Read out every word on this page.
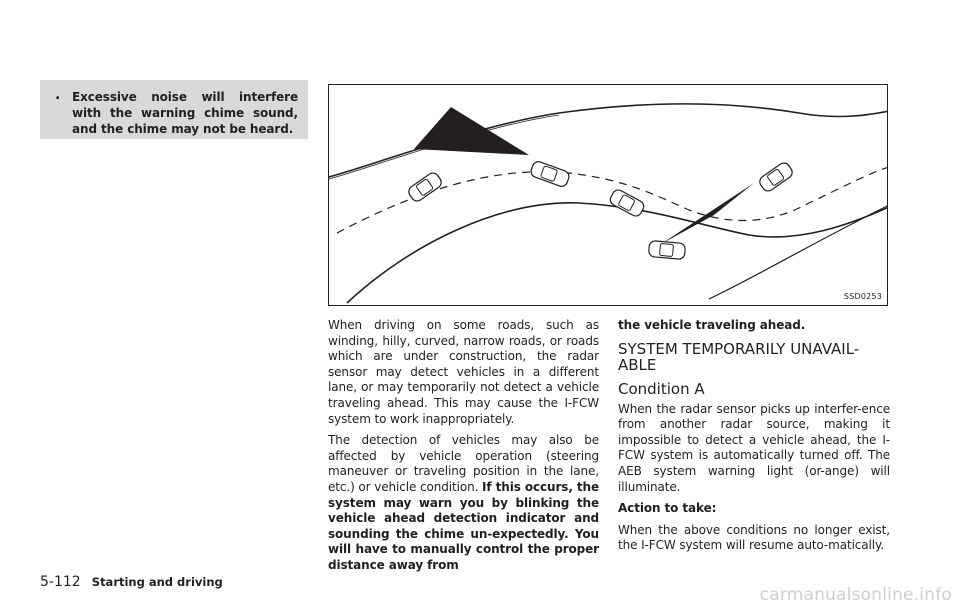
. Excessive noise will interfere with the warning chime sound, and the chime may not be heard.
SSD0253

When driving on some roads, such as winding, hilly, curved, narrow roads, or roads which are under construction, the radar sensor may detect vehicles in a different lane, or may temporarily not detect a vehicle traveling ahead. This may cause the I-FCW system to work inappropriately.

The detection of vehicles may also be affected by vehicle operation (steering maneuver or traveling position in the lane, etc.) or vehicle condition. If this occurs, the system may warn you by blinking the vehicle ahead detection indicator and sounding the chime un-expectedly. You will have to manually control the proper distance away from

the vehicle traveling ahead.

SYSTEM TEMPORARILY UNAVAIL-ABLE
Condition A

When the radar sensor picks up interfer-ence from another radar source, making it impossible to detect a vehicle ahead, the I-FCW system is automatically turned off. The AEB system warning light (or-ange) will illuminate.

Action to take:

When the above conditions no longer exist, the I-FCW system will resume auto-matically.

5-112 Starting and driving
carmanualsonline.info
